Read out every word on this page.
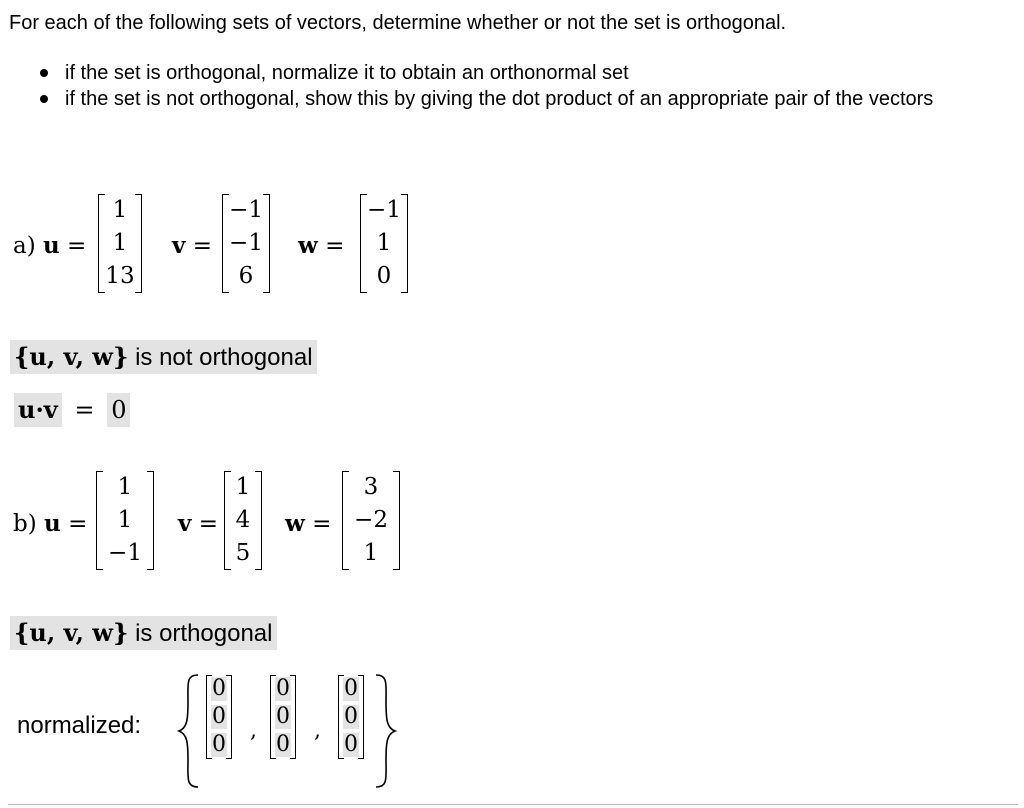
For each of the following sets of vectors, determine whether or not the set is orthogonal.
if the set is orthogonal, normalize it to obtain an orthonormal set
if the set is not orthogonal, show this by giving the dot product of an appropriate pair of the vectors
a) u =
1
1
13
v =
−1
−1
6
w =
−1
1
0
{u, v, w} is not orthogonal
u·v = 0
b) u =
1
1
−1
v =
1
4
5
w =
3
−2
1
{u, v, w} is orthogonal
normalized:
0
0
0
,
0
0
0
,
0
0
0
